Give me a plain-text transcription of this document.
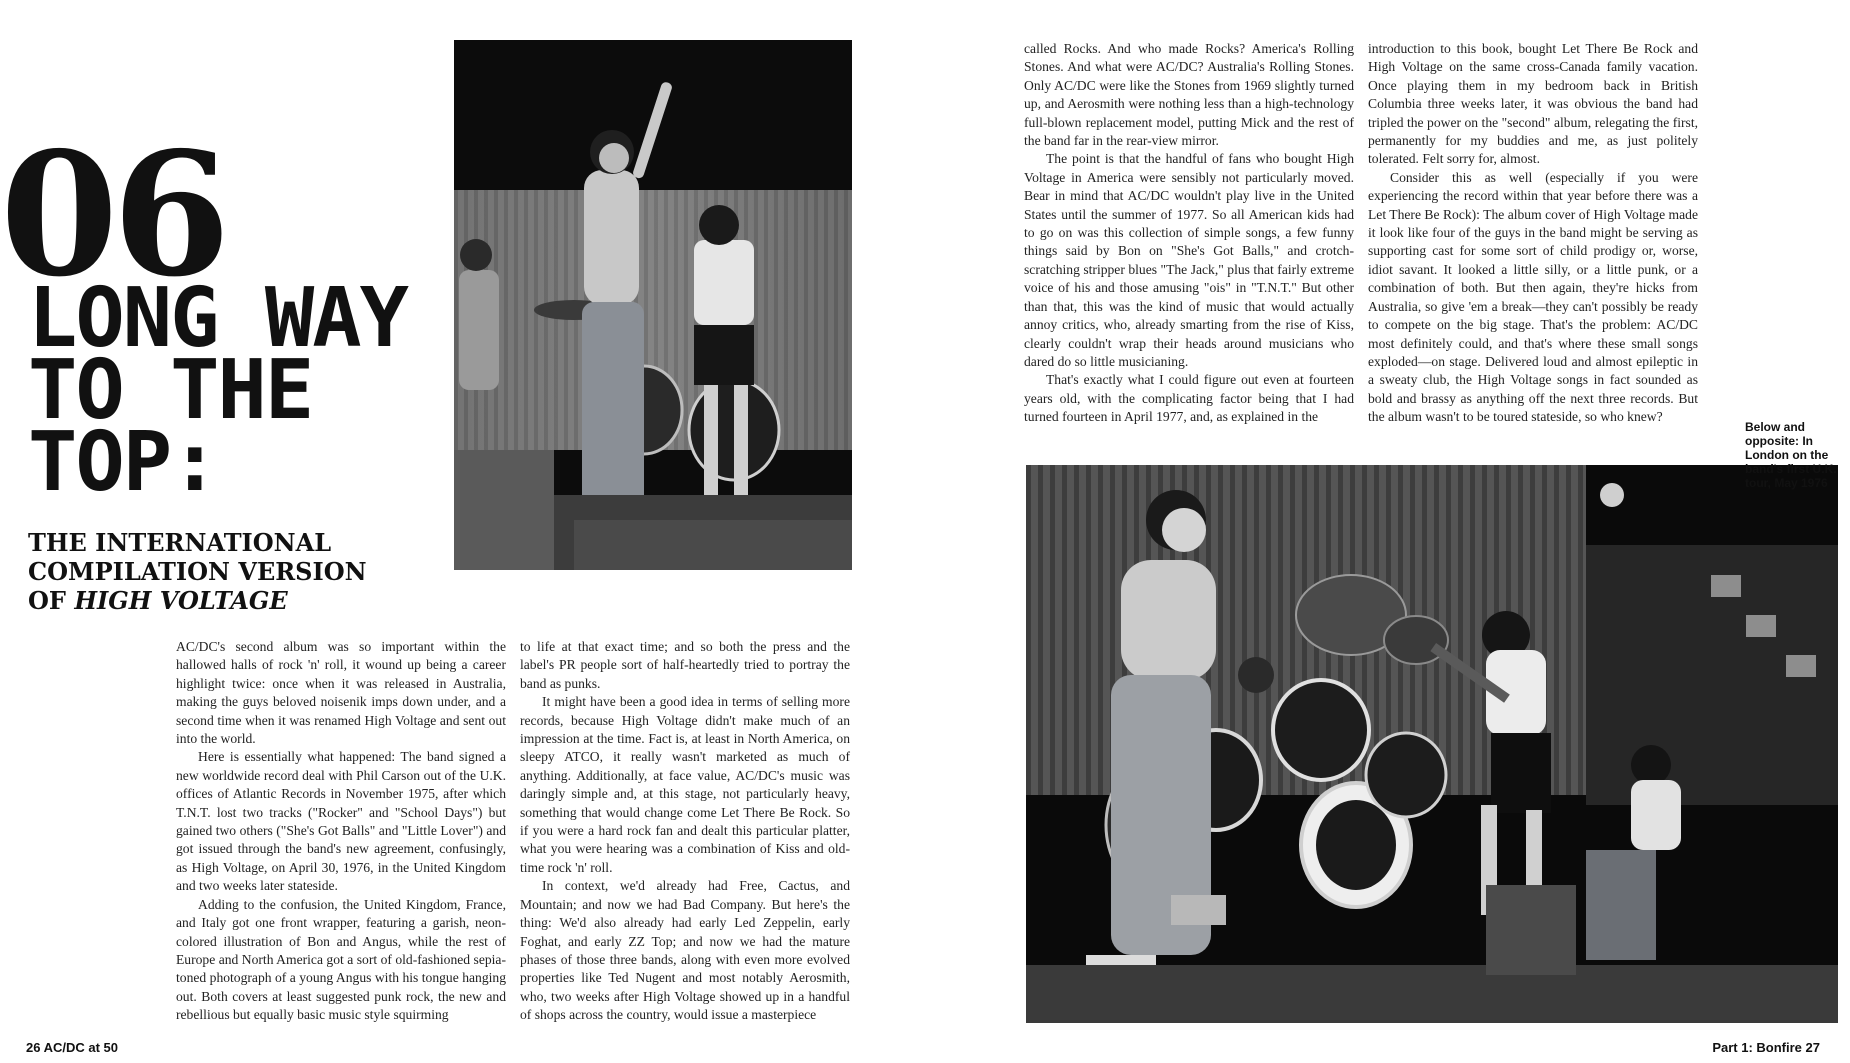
06
LONG WAY
TO THE
TOP:
THE INTERNATIONAL
COMPILATION VERSION
OF HIGH VOLTAGE

AC/DC's second album was so important within the hallowed halls of rock 'n' roll, it wound up being a career highlight twice: once when it was released in Australia, making the guys beloved noisenik imps down under, and a second time when it was renamed High Voltage and sent out into the world.

Here is essentially what happened: The band signed a new worldwide record deal with Phil Carson out of the U.K. offices of Atlantic Records in November 1975, after which T.N.T. lost two tracks ("Rocker" and "School Days") but gained two others ("She's Got Balls" and "Little Lover") and got issued through the band's new agreement, confusingly, as High Voltage, on April 30, 1976, in the United Kingdom and two weeks later stateside.

Adding to the confusion, the United Kingdom, France, and Italy got one front wrapper, featuring a garish, neon-colored illustration of Bon and Angus, while the rest of Europe and North America got a sort of old-fashioned sepia-toned photograph of a young Angus with his tongue hanging out. Both covers at least suggested punk rock, the new and rebellious but equally basic music style squirming

to life at that exact time; and so both the press and the label's PR people sort of half-heartedly tried to portray the band as punks.

It might have been a good idea in terms of selling more records, because High Voltage didn't make much of an impression at the time. Fact is, at least in North America, on sleepy ATCO, it really wasn't marketed as much of anything. Additionally, at face value, AC/DC's music was daringly simple and, at this stage, not particularly heavy, something that would change come Let There Be Rock. So if you were a hard rock fan and dealt this particular platter, what you were hearing was a combination of Kiss and old-time rock 'n' roll.

In context, we'd already had Free, Cactus, and Mountain; and now we had Bad Company. But here's the thing: We'd also already had early Led Zeppelin, early Foghat, and early ZZ Top; and now we had the mature phases of those three bands, along with even more evolved properties like Ted Nugent and most notably Aerosmith, who, two weeks after High Voltage showed up in a handful of shops across the country, would issue a masterpiece

called Rocks. And who made Rocks? America's Rolling Stones. And what were AC/DC? Australia's Rolling Stones. Only AC/DC were like the Stones from 1969 slightly turned up, and Aerosmith were nothing less than a high-technology full-blown replacement model, putting Mick and the rest of the band far in the rear-view mirror.

The point is that the handful of fans who bought High Voltage in America were sensibly not particularly moved. Bear in mind that AC/DC wouldn't play live in the United States until the summer of 1977. So all American kids had to go on was this collection of simple songs, a few funny things said by Bon on "She's Got Balls," and crotch-scratching stripper blues "The Jack," plus that fairly extreme voice of his and those amusing "ois" in "T.N.T." But other than that, this was the kind of music that would actually annoy critics, who, already smarting from the rise of Kiss, clearly couldn't wrap their heads around musicians who dared do so little musicianing.

That's exactly what I could figure out even at fourteen years old, with the complicating factor being that I had turned fourteen in April 1977, and, as explained in the

introduction to this book, bought Let There Be Rock and High Voltage on the same cross-Canada family vacation. Once playing them in my bedroom back in British Columbia three weeks later, it was obvious the band had tripled the power on the "second" album, relegating the first, permanently for my buddies and me, as just politely tolerated. Felt sorry for, almost.

Consider this as well (especially if you were experiencing the record within that year before there was a Let There Be Rock): The album cover of High Voltage made it look like four of the guys in the band might be serving as supporting cast for some sort of child prodigy or, worse, idiot savant. It looked a little silly, or a little punk, or a combination of both. But then again, they're hicks from Australia, so give 'em a break—they can't possibly be ready to compete on the big stage. That's the problem: AC/DC most definitely could, and that's where these small songs exploded—on stage. Delivered loud and almost epileptic in a sweaty club, the High Voltage songs in fact sounded as bold and brassy as anything off the next three records. But the album wasn't to be toured stateside, so who knew?

Below and opposite: In London on the band's first U.K. tour, May 1976
26 AC/DC at 50	Part 1: Bonfire 27
